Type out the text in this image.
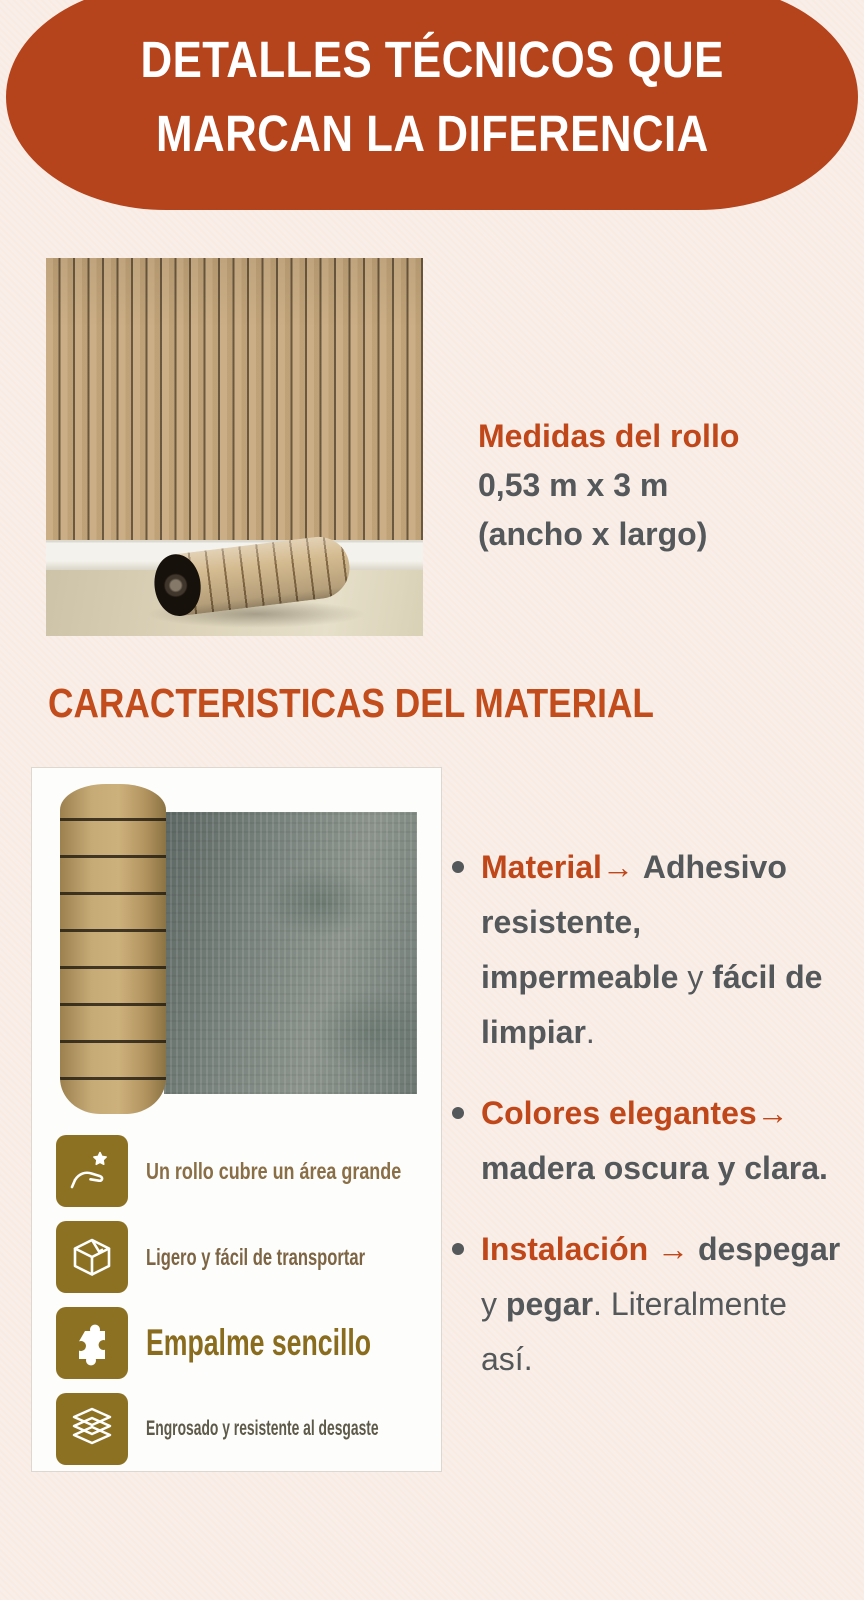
DETALLES TÉCNICOS QUE
MARCAN LA DIFERENCIA
Medidas del rollo
0,53 m x 3 m
(ancho x largo)
CARACTERISTICAS DEL MATERIAL
Un rollo cubre un área grande
Ligero y fácil de transportar
Empalme sencillo
Engrosado y resistente al desgaste

Material→ Adhesivo resistente, impermeable y fácil de limpiar.

Colores elegantes→ madera oscura y clara.

Instalación → despegar y pegar. Literalmente así.
